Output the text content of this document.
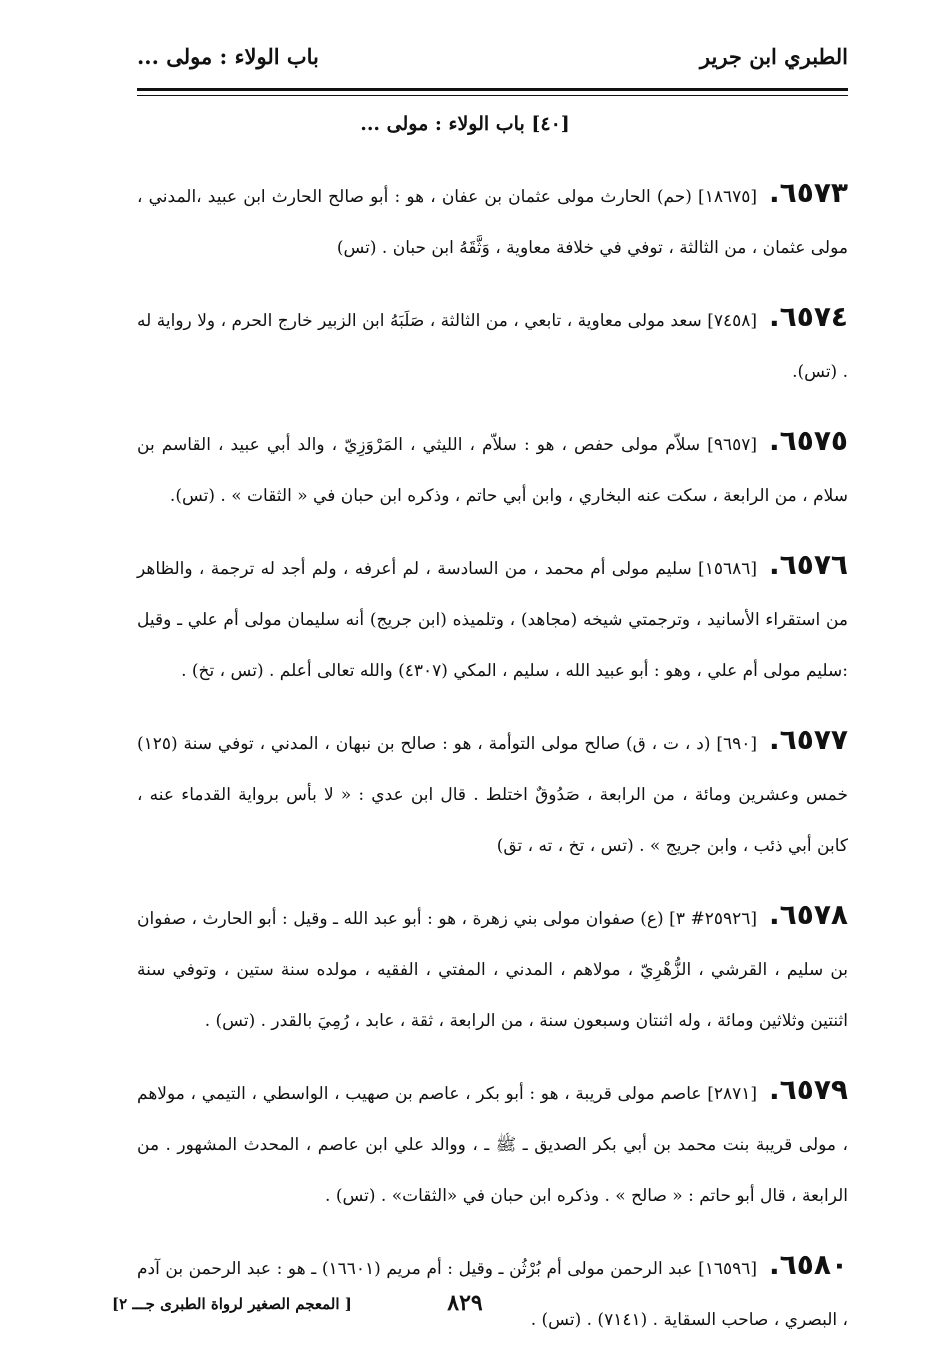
الطبري ابن جرير
باب الولاء : مولى ...
[٤٠] باب الولاء : مولى ...

٦٥٧٣.[١٨٦٧٥] (حم) الحارث مولى عثمان بن عفان ، هو : أبو صالح الحارث ابن عبيد ،المدني ، مولى عثمان ، من الثالثة ، توفي في خلافة معاوية ، وَثَّقَهُ ابن حبان . (تس)

٦٥٧٤.[٧٤٥٨] سعد مولى معاوية ، تابعي ، من الثالثة ، صَلَبَهُ ابن الزبير خارج الحرم ، ولا رواية له . (تس).

٦٥٧٥.[٩٦٥٧] سلاّم مولى حفص ، هو : سلاّم ، الليثي ، المَرْوَزِيّ ، والد أبي عبيد ، القاسم بن سلام ، من الرابعة ، سكت عنه البخاري ، وابن أبي حاتم ، وذكره ابن حبان في « الثقات » . (تس).

٦٥٧٦.[١٥٦٨٦] سليم مولى أم محمد ، من السادسة ، لم أعرفه ، ولم أجد له ترجمة ، والظاهر من استقراء الأسانيد ، وترجمتي شيخه (مجاهد) ، وتلميذه (ابن جريج) أنه سليمان مولى أم علي ـ وقيل :سليم مولى أم علي ، وهو : أبو عبيد الله ، سليم ، المكي (٤٣٠٧) والله تعالى أعلم . (تس ، تخ) .

٦٥٧٧.[٦٩٠] (د ، ت ، ق) صالح مولى التوأمة ، هو : صالح بن نبهان ، المدني ، توفي سنة (١٢٥) خمس وعشرين ومائة ، من الرابعة ، صَدُوقٌ اختلط . قال ابن عدي : « لا بأس برواية القدماء عنه ، كابن أبي ذئب ، وابن جريج » . (تس ، تخ ، ته ، تق)

٦٥٧٨.[٢٥٩٢٦# ٣] (ع) صفوان مولى بني زهرة ، هو : أبو عبد الله ـ وقيل : أبو الحارث ، صفوان بن سليم ، القرشي ، الزُّهْرِيّ ، مولاهم ، المدني ، المفتي ، الفقيه ، مولده سنة ستين ، وتوفي سنة اثنتين وثلاثين ومائة ، وله اثنتان وسبعون سنة ، من الرابعة ، ثقة ، عابد ، رُمِيَ بالقدر . (تس) .

٦٥٧٩.[٢٨٧١] عاصم مولى قريبة ، هو : أبو بكر ، عاصم بن صهيب ، الواسطي ، التيمي ، مولاهم ، مولى قريبة بنت محمد بن أبي بكر الصديق ـ ﷺ ـ ، ووالد علي ابن عاصم ، المحدث المشهور . من الرابعة ، قال أبو حاتم : « صالح » . وذكره ابن حبان في «الثقات» . (تس) .

٦٥٨٠.[١٦٥٩٦] عبد الرحمن مولى أم بُرْثُن ـ وقيل : أم مريم (١٦٦٠١) ـ هو : عبد الرحمن بن آدم ، البصري ، صاحب السقاية . (٧١٤١) . (تس) .

٨٢٩
[ المعجم الصغير لرواة الطبرى جـــ ٢]
